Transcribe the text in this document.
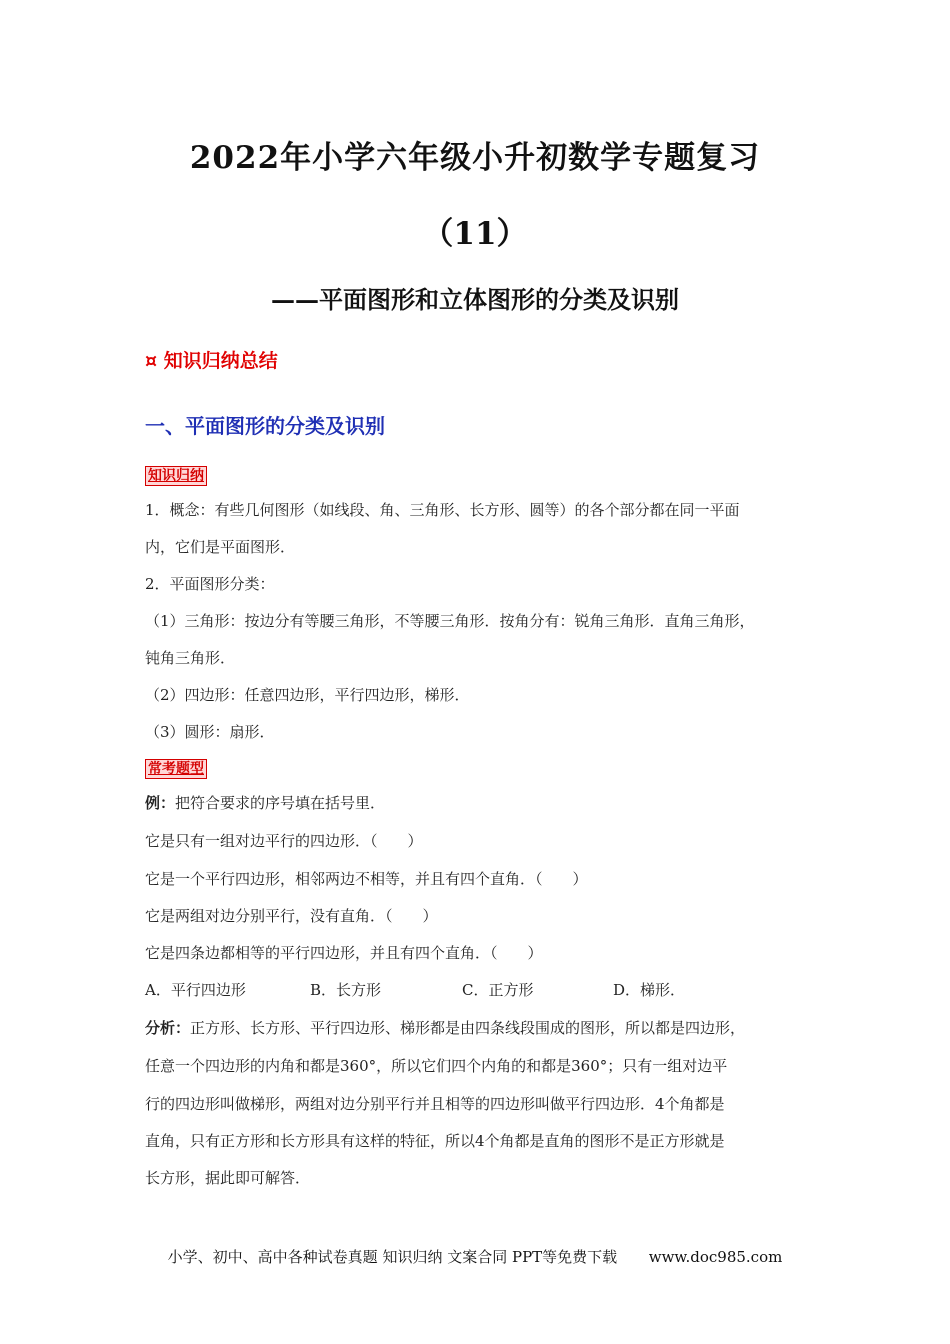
2022年小学六年级小升初数学专题复习
（11）
——平面图形和立体图形的分类及识别
¤ 知识归纳总结
一、平面图形的分类及识别
知识归纳
1．概念：有些几何图形（如线段、角、三角形、长方形、圆等）的各个部分都在同一平面
内，它们是平面图形．
2．平面图形分类：
（1）三角形：按边分有等腰三角形，不等腰三角形．按角分有：锐角三角形．直角三角形，
钝角三角形．
（2）四边形：任意四边形，平行四边形，梯形．
（3）圆形：扇形．
常考题型
例：把符合要求的序号填在括号里．
它是只有一组对边平行的四边形．（　　）
它是一个平行四边形，相邻两边不相等，并且有四个直角．（　　）
它是两组对边分别平行，没有直角．（　　）
它是四条边都相等的平行四边形，并且有四个直角．（　　）
A．平行四边形	B．长方形	C．正方形	D．梯形．
分析：正方形、长方形、平行四边形、梯形都是由四条线段围成的图形，所以都是四边形，
任意一个四边形的内角和都是360°，所以它们四个内角的和都是360°；只有一组对边平
行的四边形叫做梯形，两组对边分别平行并且相等的四边形叫做平行四边形．4个角都是
直角，只有正方形和长方形具有这样的特征，所以4个角都是直角的图形不是正方形就是
长方形，据此即可解答．
小学、初中、高中各种试卷真题 知识归纳 文案合同 PPT等免费下载 www.doc985.com
